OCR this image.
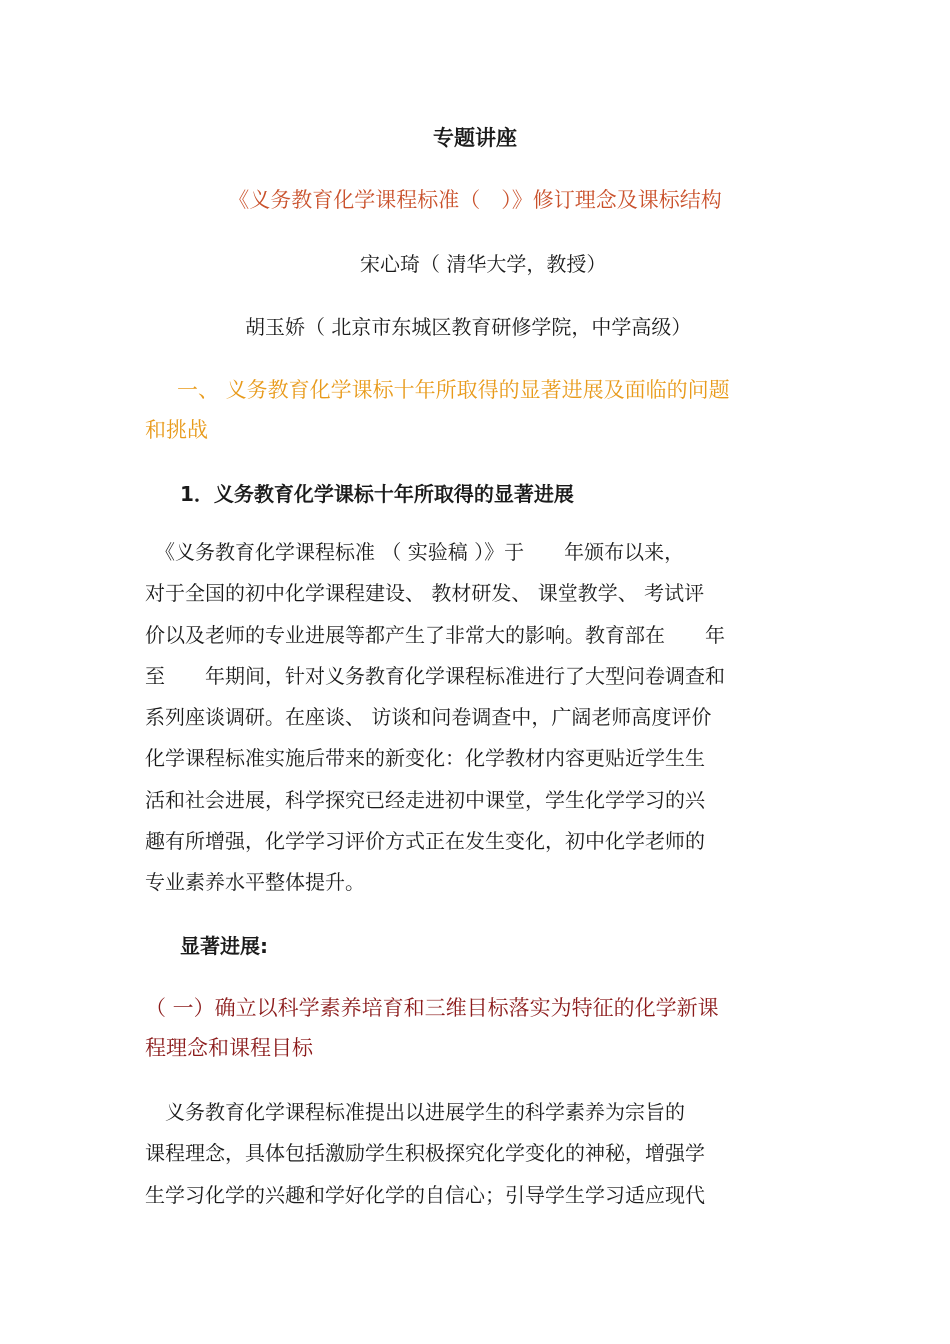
专题讲座
《义务教育化学课程标准（　）》修订理念及课标结构
宋心琦（ 清华大学，教授）
胡玉娇（ 北京市东城区教育研修学院，中学高级）
一、 义务教育化学课标十年所取得的显著进展及面临的问题
和挑战
1．义务教育化学课标十年所取得的显著进展
　《义务教育化学课程标准 （ 实验稿 ）》于　　年颁布以来，
对于全国的初中化学课程建设、 教材研发、 课堂教学、 考试评
价以及老师的专业进展等都产生了非常大的影响。教育部在　　年
至　　年期间，针对义务教育化学课程标准进行了大型问卷调查和
系列座谈调研。在座谈、 访谈和问卷调查中，广阔老师高度评价
化学课程标准实施后带来的新变化：化学教材内容更贴近学生生
活和社会进展，科学探究已经走进初中课堂，学生化学学习的兴
趣有所增强，化学学习评价方式正在发生变化，初中化学老师的
专业素养水平整体提升。
显著进展:
（ 一）确立以科学素养培育和三维目标落实为特征的化学新课
程理念和课程目标
　义务教育化学课程标准提出以进展学生的科学素养为宗旨的
课程理念，具体包括激励学生积极探究化学变化的神秘，增强学
生学习化学的兴趣和学好化学的自信心；引导学生学习适应现代
